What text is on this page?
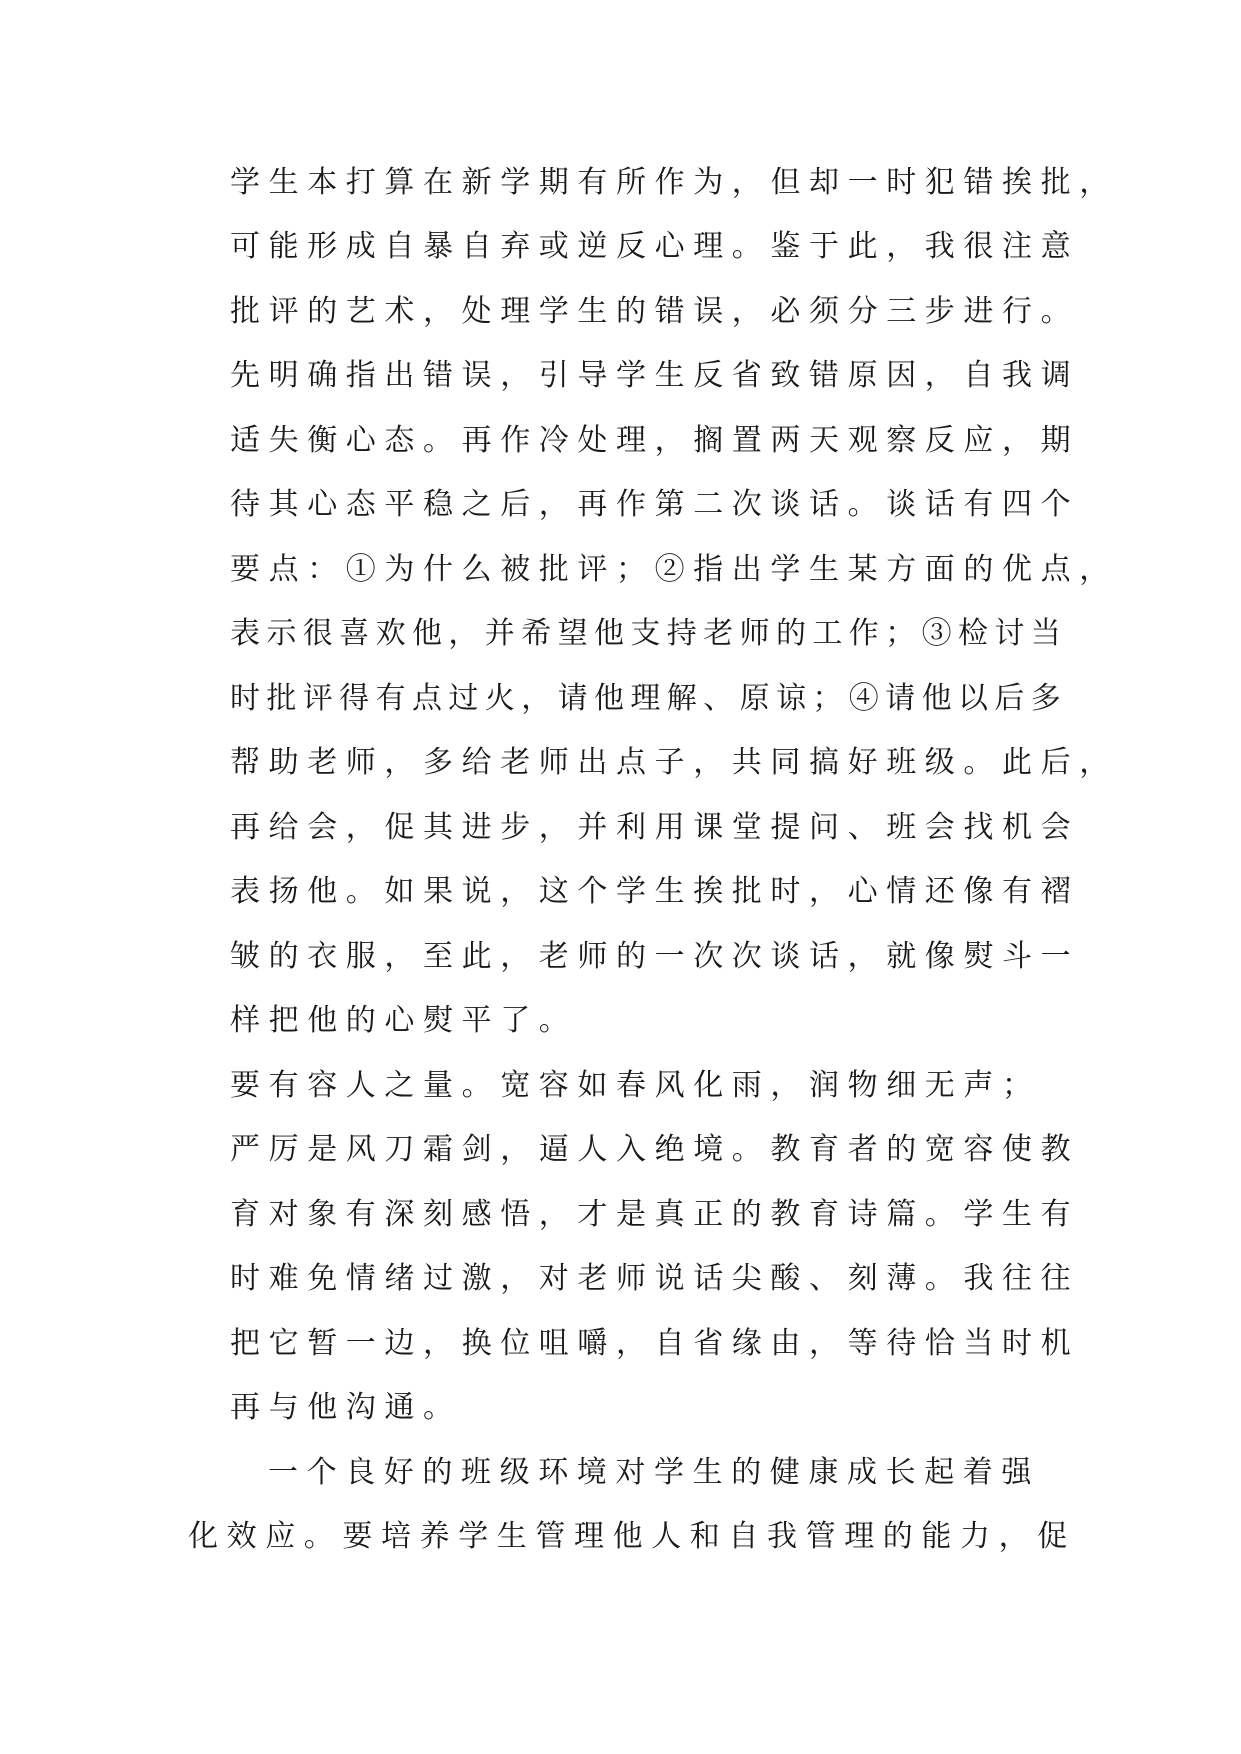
学生本打算在新学期有所作为，但却一时犯错挨批，
可能形成自暴自弃或逆反心理。鉴于此，我很注意
批评的艺术，处理学生的错误，必须分三步进行。
先明确指出错误，引导学生反省致错原因，自我调
适失衡心态。再作冷处理，搁置两天观察反应，期
待其心态平稳之后，再作第二次谈话。谈话有四个
要点：①为什么被批评；②指出学生某方面的优点，
表示很喜欢他，并希望他支持老师的工作；③检讨当
时批评得有点过火，请他理解、原谅；④请他以后多
帮助老师，多给老师出点子，共同搞好班级。此后，
再给会，促其进步，并利用课堂提问、班会找机会
表扬他。如果说，这个学生挨批时，心情还像有褶
皱的衣服，至此，老师的一次次谈话，就像熨斗一
样把他的心熨平了。
要有容人之量。宽容如春风化雨，润物细无声；
严厉是风刀霜剑，逼人入绝境。教育者的宽容使教
育对象有深刻感悟，才是真正的教育诗篇。学生有
时难免情绪过激，对老师说话尖酸、刻薄。我往往
把它暂一边，换位咀嚼，自省缘由，等待恰当时机
再与他沟通。
一个良好的班级环境对学生的健康成长起着强
化效应。要培养学生管理他人和自我管理的能力，促
